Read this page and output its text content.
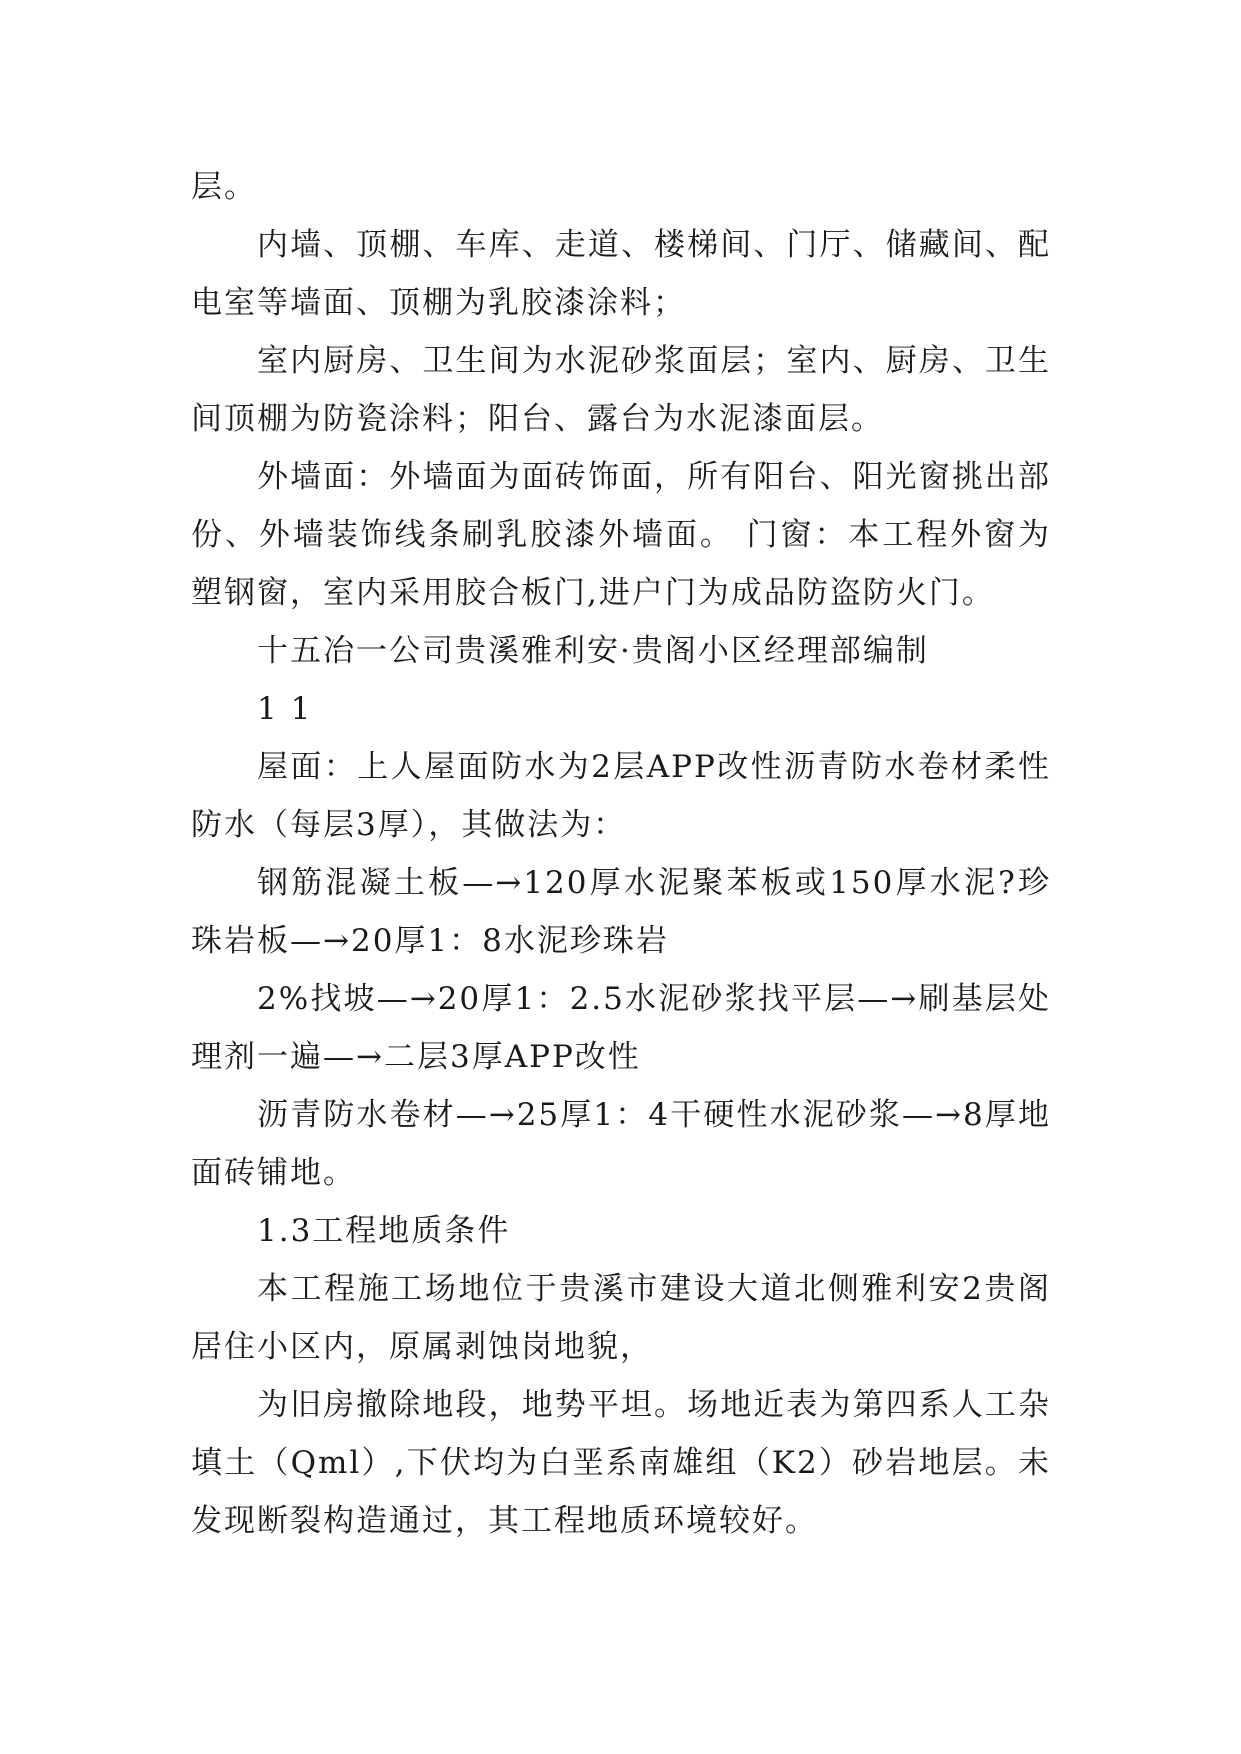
层。

内墙、顶棚、车库、走道、楼梯间、门厅、储藏间、配电室等墙面、顶棚为乳胶漆涂料；

室内厨房、卫生间为水泥砂浆面层；室内、厨房、卫生间顶棚为防瓷涂料；阳台、露台为水泥漆面层。

外墙面：外墙面为面砖饰面，所有阳台、阳光窗挑出部份、外墙装饰线条刷乳胶漆外墙面。 门窗：本工程外窗为塑钢窗，室内采用胶合板门,进户门为成品防盗防火门。

十五冶一公司贵溪雅利安·贵阁小区经理部编制

1 1

屋面：上人屋面防水为2层APP改性沥青防水卷材柔性防水（每层3厚），其做法为：

钢筋混凝土板—→120厚水泥聚苯板或150厚水泥?珍珠岩板—→20厚1：8水泥珍珠岩

2%找坡—→20厚1：2.5水泥砂浆找平层—→刷基层处理剂一遍—→二层3厚APP改性

沥青防水卷材—→25厚1：4干硬性水泥砂浆—→8厚地面砖铺地。

1.3工程地质条件

本工程施工场地位于贵溪市建设大道北侧雅利安2贵阁居住小区内，原属剥蚀岗地貌，

为旧房撤除地段，地势平坦。场地近表为第四系人工杂填土（Qml）,下伏均为白垩系南雄组（K2）砂岩地层。未发现断裂构造通过，其工程地质环境较好。
